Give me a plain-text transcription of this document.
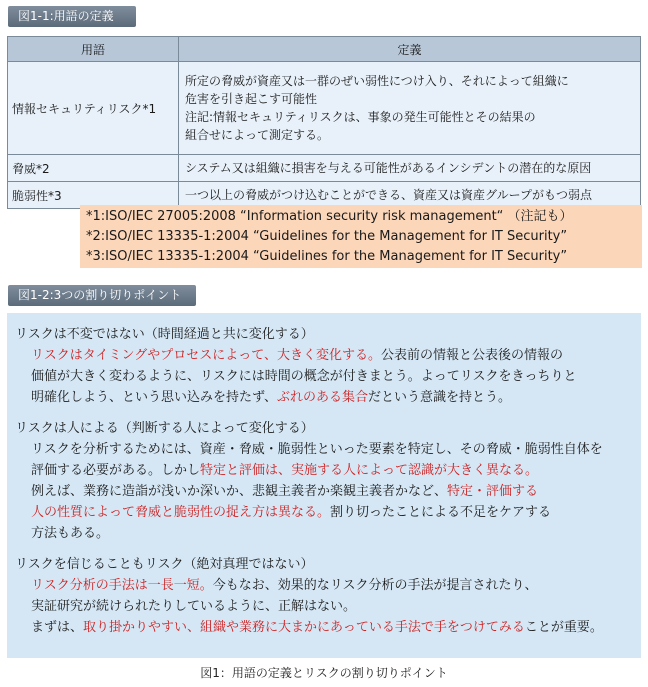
図1-1:用語の定義
用語	定義
情報セキュリティリスク*1	所定の脅威が資産又は一群のぜい弱性につけ入り、それによって組織に
危害を引き起こす可能性
注記:情報セキュリティリスクは、事象の発生可能性とその結果の
組合せによって測定する。

脅威*2	システム又は組織に損害を与える可能性があるインシデントの潜在的な原因

脆弱性*3	一つ以上の脅威がつけ込むことができる、資産又は資産グループがもつ弱点
*1:ISO/IEC 27005:2008 “Information security risk management“ （注記も）
*2:ISO/IEC 13335-1:2004 “Guidelines for the Management for IT Security”
*3:ISO/IEC 13335-1:2004 “Guidelines for the Management for IT Security”
図1-2:3つの割り切りポイント
リスクは不変ではない（時間経過と共に変化する）
リスクはタイミングやプロセスによって、大きく変化する。公表前の情報と公表後の情報の
価値が大きく変わるように、リスクには時間の概念が付きまとう。よってリスクをきっちりと
明確化しよう、という思い込みを持たず、ぶれのある集合だという意識を持とう。
リスクは人による（判断する人によって変化する）
リスクを分析するためには、資産・脅威・脆弱性といった要素を特定し、その脅威・脆弱性自体を
評価する必要がある。しかし特定と評価は、実施する人によって認識が大きく異なる。
例えば、業務に造詣が浅いか深いか、悲観主義者か楽観主義者かなど、特定・評価する
人の性質によって脅威と脆弱性の捉え方は異なる。割り切ったことによる不足をケアする
方法もある。
リスクを信じることもリスク（絶対真理ではない）
リスク分析の手法は一長一短。今もなお、効果的なリスク分析の手法が提言されたり、
実証研究が続けられたりしているように、正解はない。
まずは、取り掛かりやすい、組織や業務に大まかにあっている手法で手をつけてみることが重要。
図1：用語の定義とリスクの割り切りポイント
